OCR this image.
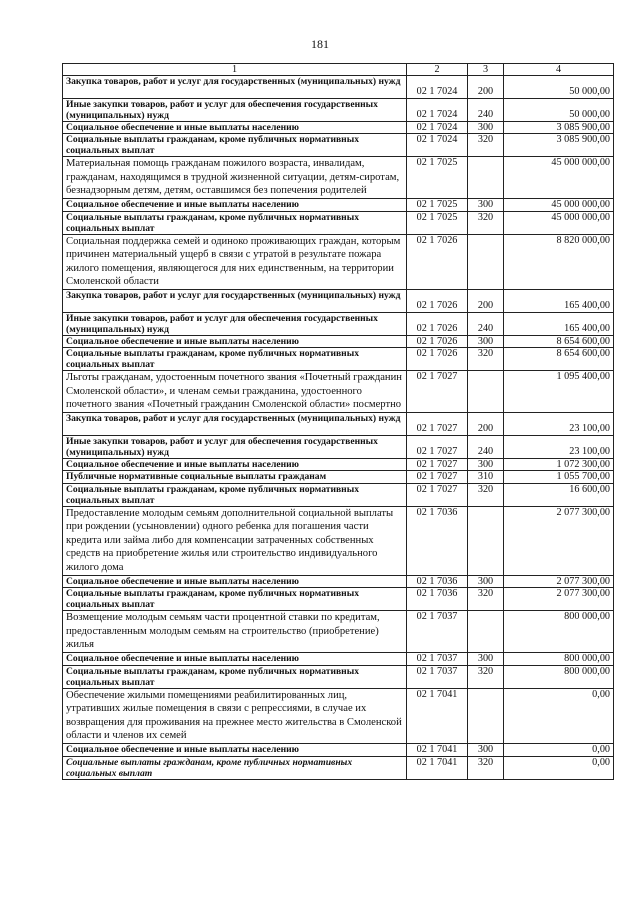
181
1	2	3	4
Закупка товаров, работ и услуг для государственных (муниципальных) нужд	02 1 7024	200	50 000,00
Иные закупки товаров, работ и услуг для обеспечения государственных (муниципальных) нужд	02 1 7024	240	50 000,00
Социальное обеспечение и иные выплаты населению	02 1 7024	300	3 085 900,00
Социальные выплаты гражданам, кроме публичных нормативных социальных выплат	02 1 7024	320	3 085 900,00
Материальная помощь гражданам пожилого возраста, инвалидам, гражданам, находящимся в трудной жизненной ситуации, детям-сиротам, безнадзорным детям, детям, оставшимся без попечения родителей	02 1 7025		45 000 000,00
Социальное обеспечение и иные выплаты населению	02 1 7025	300	45 000 000,00
Социальные выплаты гражданам, кроме публичных нормативных социальных выплат	02 1 7025	320	45 000 000,00
Социальная поддержка семей и одиноко проживающих граждан, которым причинен материальный ущерб в связи с утратой в результате пожара жилого помещения, являющегося для них единственным, на территории Смоленской области	02 1 7026		8 820 000,00
Закупка товаров, работ и услуг для государственных (муниципальных) нужд	02 1 7026	200	165 400,00
Иные закупки товаров, работ и услуг для обеспечения государственных (муниципальных) нужд	02 1 7026	240	165 400,00
Социальное обеспечение и иные выплаты населению	02 1 7026	300	8 654 600,00
Социальные выплаты гражданам, кроме публичных нормативных социальных выплат	02 1 7026	320	8 654 600,00
Льготы гражданам, удостоенным почетного звания «Почетный гражданин Смоленской области», и членам семьи гражданина, удостоенного почетного звания «Почетный гражданин Смоленской области» посмертно	02 1 7027		1 095 400,00
Закупка товаров, работ и услуг для государственных (муниципальных) нужд	02 1 7027	200	23 100,00
Иные закупки товаров, работ и услуг для обеспечения государственных (муниципальных) нужд	02 1 7027	240	23 100,00
Социальное обеспечение и иные выплаты населению	02 1 7027	300	1 072 300,00
Публичные нормативные социальные выплаты гражданам	02 1 7027	310	1 055 700,00
Социальные выплаты гражданам, кроме публичных нормативных социальных выплат	02 1 7027	320	16 600,00
Предоставление молодым семьям дополнительной социальной выплаты при рождении (усыновлении) одного ребенка для погашения части кредита или займа либо для компенсации затраченных собственных средств на приобретение жилья или строительство индивидуального жилого дома	02 1 7036		2 077 300,00
Социальное обеспечение и иные выплаты населению	02 1 7036	300	2 077 300,00
Социальные выплаты гражданам, кроме публичных нормативных социальных выплат	02 1 7036	320	2 077 300,00
Возмещение молодым семьям части процентной ставки по кредитам, предоставленным молодым семьям на строительство (приобретение) жилья	02 1 7037		800 000,00
Социальное обеспечение и иные выплаты населению	02 1 7037	300	800 000,00
Социальные выплаты гражданам, кроме публичных нормативных социальных выплат	02 1 7037	320	800 000,00
Обеспечение жилыми помещениями реабилитированных лиц, утративших жилые помещения в связи с репрессиями, в случае их возвращения для проживания на прежнее место жительства в Смоленской области и членов их семей	02 1 7041		0,00
Социальное обеспечение и иные выплаты населению	02 1 7041	300	0,00
Социальные выплаты гражданам, кроме публичных нормативных социальных выплат	02 1 7041	320	0,00
